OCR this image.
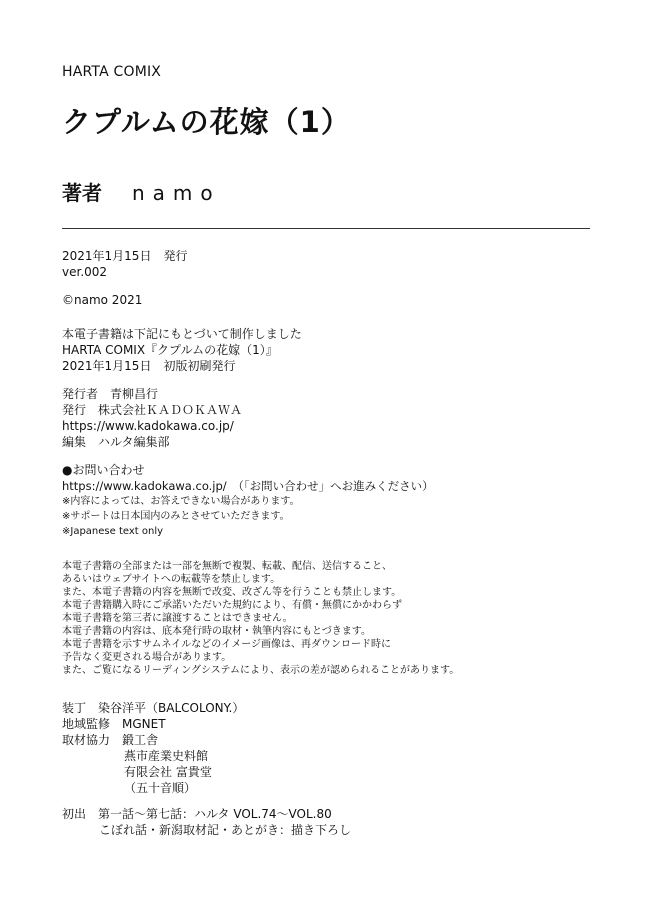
HARTA COMIX
クプルムの花嫁（1）
著者 namo
2021年1月15日　発行
ver.002
©namo 2021
本電子書籍は下記にもとづいて制作しました
HARTA COMIX『クプルムの花嫁（1）』
2021年1月15日　初版初刷発行
発行者　青柳昌行
発行　株式会社ＫＡＤＯＫＡＷＡ
https://www.kadokawa.co.jp/
編集　ハルタ編集部
●お問い合わせ
https://www.kadokawa.co.jp/　（「お問い合わせ」へお進みください）
※内容によっては、お答えできない場合があります。
※サポートは日本国内のみとさせていただきます。
※Japanese text only
本電子書籍の全部または一部を無断で複製、転載、配信、送信すること、
あるいはウェブサイトへの転載等を禁止します。
また、本電子書籍の内容を無断で改変、改ざん等を行うことも禁止します。
本電子書籍購入時にご承諾いただいた規約により、有償・無償にかかわらず
本電子書籍を第三者に譲渡することはできません。
本電子書籍の内容は、底本発行時の取材・執筆内容にもとづきます。
本電子書籍を示すサムネイルなどのイメージ画像は、再ダウンロード時に
予告なく変更される場合があります。
また、ご覧になるリーディングシステムにより、表示の差が認められることがあります。
装丁　染谷洋平（BALCOLONY.）
地域監修　MGNET
取材協力　鍛工舎
燕市産業史料館
有限会社 富貴堂
（五十音順）
初出　第一話〜第七話：ハルタ VOL.74〜VOL.80
こぼれ話・新潟取材記・あとがき：描き下ろし
